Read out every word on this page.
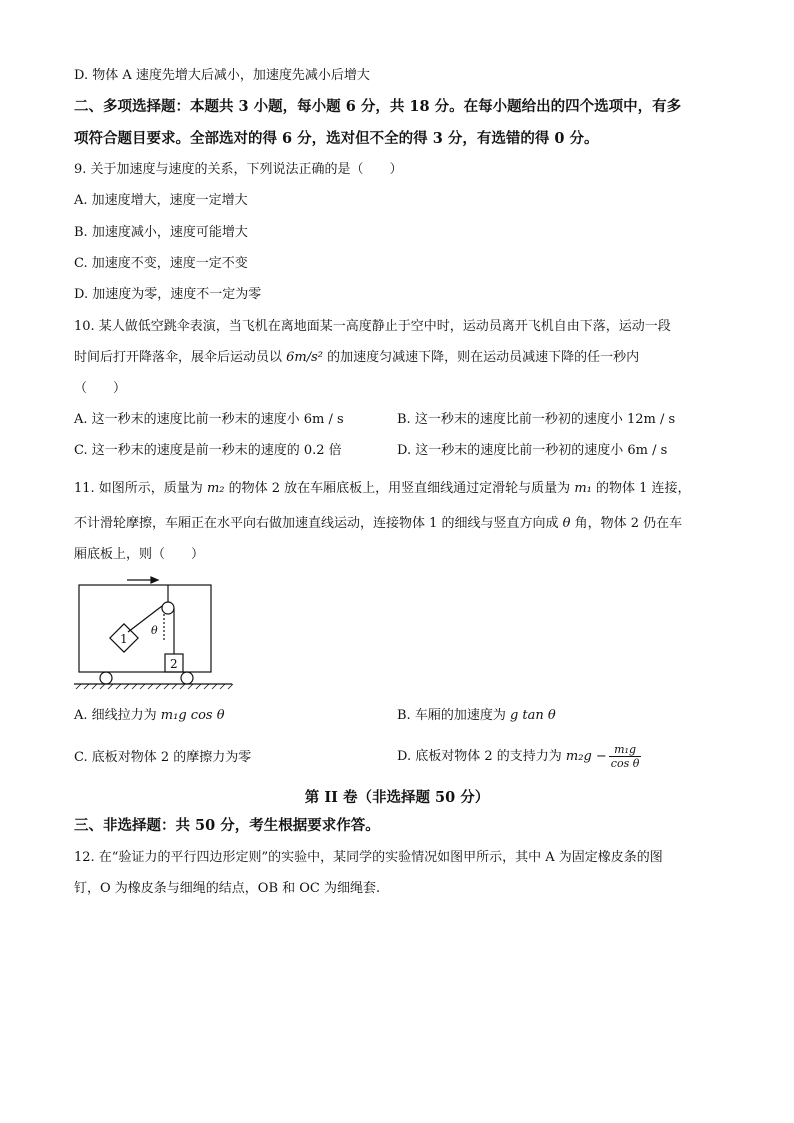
D. 物体 A 速度先增大后减小，加速度先减小后增大
二、多项选择题：本题共 3 小题，每小题 6 分，共 18 分。在每小题给出的四个选项中，有多
项符合题目要求。全部选对的得 6 分，选对但不全的得 3 分，有选错的得 0 分。
9. 关于加速度与速度的关系，下列说法正确的是（　　）
A. 加速度增大，速度一定增大
B. 加速度减小，速度可能增大
C. 加速度不变，速度一定不变
D. 加速度为零，速度不一定为零
10. 某人做低空跳伞表演，当飞机在离地面某一高度静止于空中时，运动员离开飞机自由下落，运动一段
时间后打开降落伞，展伞后运动员以 6m/s² 的加速度匀减速下降，则在运动员减速下降的任一秒内
（　　）
A. 这一秒末的速度比前一秒末的速度小 6m / s	B. 这一秒末的速度比前一秒初的速度小 12m / s
C. 这一秒末的速度是前一秒末的速度的 0.2 倍	D. 这一秒末的速度比前一秒初的速度小 6m / s
11. 如图所示，质量为 m₂ 的物体 2 放在车厢底板上，用竖直细线通过定滑轮与质量为 m₁ 的物体 1 连接，
不计滑轮摩擦，车厢正在水平向右做加速直线运动，连接物体 1 的细线与竖直方向成 θ 角，物体 2 仍在车
厢底板上，则（　　）
1
2
θ
A. 细线拉力为 m₁g cos θ	B. 车厢的加速度为 g tan θ
C. 底板对物体 2 的摩擦力为零	D. 底板对物体 2 的支持力为 $m_2g - \frac{\text{m₁g}}{\text{cos θ}}$
第 II 卷（非选择题 50 分）
三、非选择题：共 50 分，考生根据要求作答。
12. 在“验证力的平行四边形定则”的实验中，某同学的实验情况如图甲所示，其中 A 为固定橡皮条的图
钉，O 为橡皮条与细绳的结点，OB 和 OC 为细绳套.
